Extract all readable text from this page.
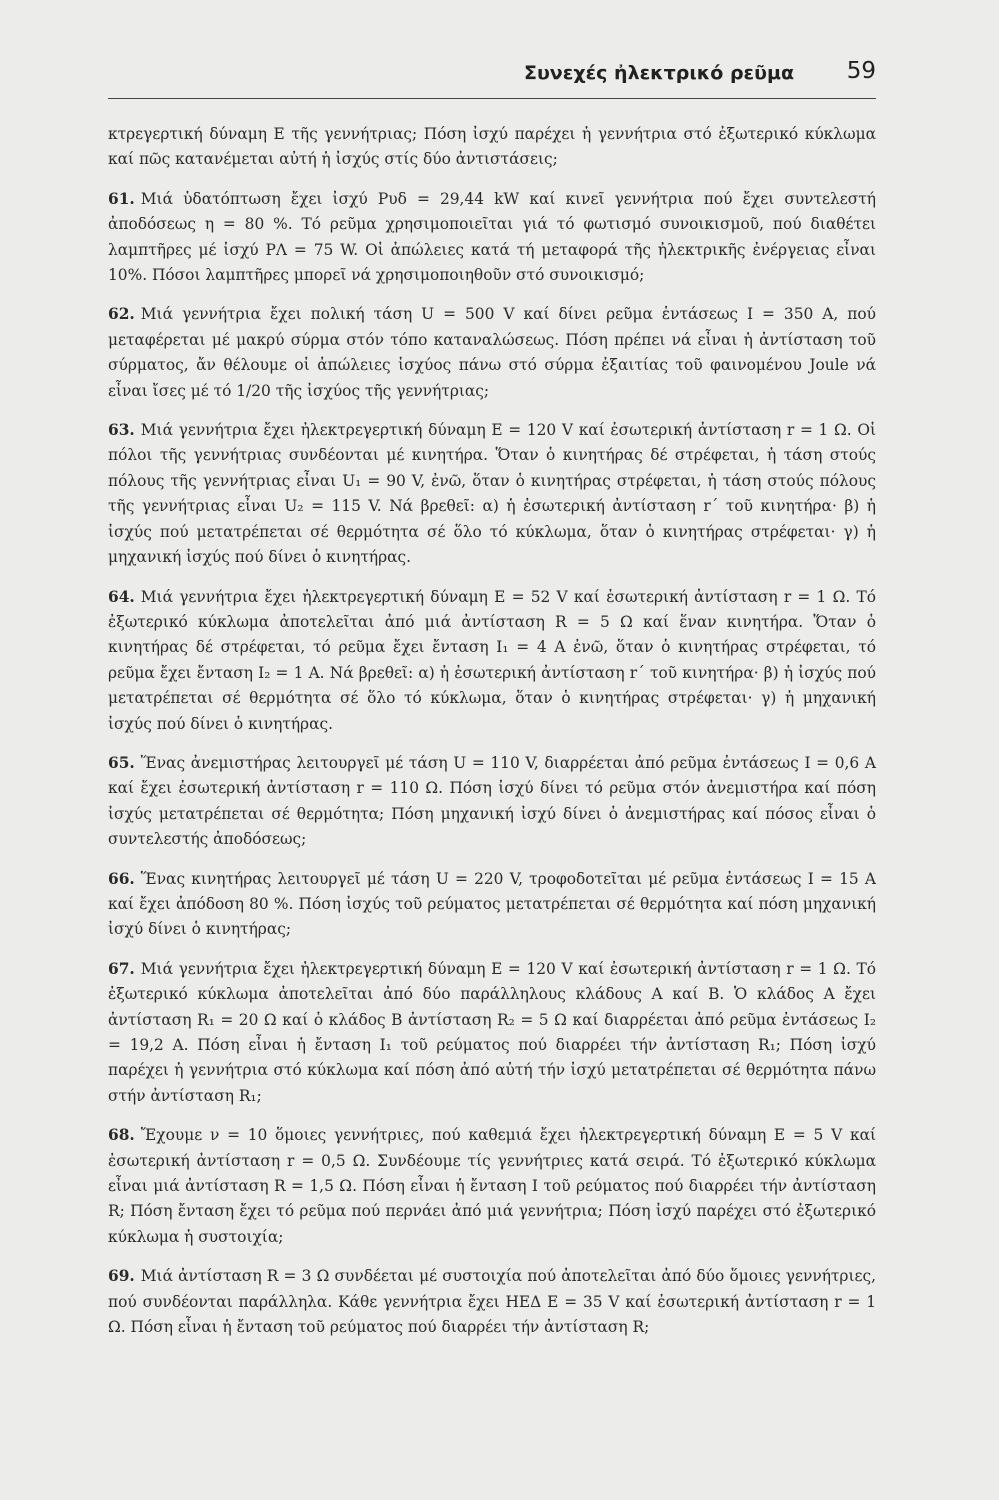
Συνεχές ἠλεκτρικό ρεῦμα 59

κτρεγερτική δύναμη E τῆς γεννήτριας; Πόση ἰσχύ παρέχει ἡ γεννήτρια στό ἐξωτερικό κύκλωμα καί πῶς κατανέμεται αὐτή ἡ ἰσχύς στίς δύο ἀντιστάσεις;

61. Μιά ὑδατόπτωση ἔχει ἰσχύ Pυδ = 29,44 kW καί κινεῖ γεννήτρια πού ἔχει συντελεστή ἀποδόσεως η = 80 %. Τό ρεῦμα χρησιμοποιεῖται γιά τό φωτισμό συνοικισμοῦ, πού διαθέτει λαμπτῆρες μέ ἰσχύ PΛ = 75 W. Οἱ ἀπώλειες κατά τή μεταφορά τῆς ἠλεκτρικῆς ἐνέργειας εἶναι 10%. Πόσοι λαμπτῆρες μπορεῖ νά χρησιμοποιηθοῦν στό συνοικισμό;

62. Μιά γεννήτρια ἔχει πολική τάση U = 500 V καί δίνει ρεῦμα ἐντάσεως I = 350 A, πού μεταφέρεται μέ μακρύ σύρμα στόν τόπο καταναλώσεως. Πόση πρέπει νά εἶναι ἡ ἀντίσταση τοῦ σύρματος, ἄν θέλουμε οἱ ἀπώλειες ἰσχύος πάνω στό σύρμα ἐξαιτίας τοῦ φαινομένου Joule νά εἶναι ἴσες μέ τό 1/20 τῆς ἰσχύος τῆς γεννήτριας;

63. Μιά γεννήτρια ἔχει ἠλεκτρεγερτική δύναμη E = 120 V καί ἐσωτερική ἀντίσταση r = 1 Ω. Οἱ πόλοι τῆς γεννήτριας συνδέονται μέ κινητήρα. Ὅταν ὁ κινητήρας δέ στρέφεται, ἡ τάση στούς πόλους τῆς γεννήτριας εἶναι U₁ = 90 V, ἐνῶ, ὅταν ὁ κινητήρας στρέφεται, ἡ τάση στούς πόλους τῆς γεννήτριας εἶναι U₂ = 115 V. Νά βρεθεῖ: α) ἡ ἐσωτερική ἀντίσταση r΄ τοῦ κινητήρα· β) ἡ ἰσχύς πού μετατρέπεται σέ θερμότητα σέ ὅλο τό κύκλωμα, ὅταν ὁ κινητήρας στρέφεται· γ) ἡ μηχανική ἰσχύς πού δίνει ὁ κινητήρας.

64. Μιά γεννήτρια ἔχει ἠλεκτρεγερτική δύναμη E = 52 V καί ἐσωτερική ἀντίσταση r = 1 Ω. Τό ἐξωτερικό κύκλωμα ἀποτελεῖται ἀπό μιά ἀντίσταση R = 5 Ω καί ἕναν κινητήρα. Ὅταν ὁ κινητήρας δέ στρέφεται, τό ρεῦμα ἔχει ἔνταση I₁ = 4 A ἐνῶ, ὅταν ὁ κινητήρας στρέφεται, τό ρεῦμα ἔχει ἔνταση I₂ = 1 A. Νά βρεθεῖ: α) ἡ ἐσωτερική ἀντίσταση r΄ τοῦ κινητήρα· β) ἡ ἰσχύς πού μετατρέπεται σέ θερμότητα σέ ὅλο τό κύκλωμα, ὅταν ὁ κινητήρας στρέφεται· γ) ἡ μηχανική ἰσχύς πού δίνει ὁ κινητήρας.

65. Ἕνας ἀνεμιστήρας λειτουργεῖ μέ τάση U = 110 V, διαρρέεται ἀπό ρεῦμα ἐντάσεως I = 0,6 A καί ἔχει ἐσωτερική ἀντίσταση r = 110 Ω. Πόση ἰσχύ δίνει τό ρεῦμα στόν ἀνεμιστήρα καί πόση ἰσχύς μετατρέπεται σέ θερμότητα; Πόση μηχανική ἰσχύ δίνει ὁ ἀνεμιστήρας καί πόσος εἶναι ὁ συντελεστής ἀποδόσεως;

66. Ἕνας κινητήρας λειτουργεῖ μέ τάση U = 220 V, τροφοδοτεῖται μέ ρεῦμα ἐντάσεως I = 15 A καί ἔχει ἀπόδοση 80 %. Πόση ἰσχύς τοῦ ρεύματος μετατρέπεται σέ θερμότητα καί πόση μηχανική ἰσχύ δίνει ὁ κινητήρας;

67. Μιά γεννήτρια ἔχει ἠλεκτρεγερτική δύναμη E = 120 V καί ἐσωτερική ἀντίσταση r = 1 Ω. Τό ἐξωτερικό κύκλωμα ἀποτελεῖται ἀπό δύο παράλληλους κλάδους A καί B. Ὁ κλάδος A ἔχει ἀντίσταση R₁ = 20 Ω καί ὁ κλάδος B ἀντίσταση R₂ = 5 Ω καί διαρρέεται ἀπό ρεῦμα ἐντάσεως I₂ = 19,2 A. Πόση εἶναι ἡ ἔνταση I₁ τοῦ ρεύματος πού διαρρέει τήν ἀντίσταση R₁; Πόση ἰσχύ παρέχει ἡ γεννήτρια στό κύκλωμα καί πόση ἀπό αὐτή τήν ἰσχύ μετατρέπεται σέ θερμότητα πάνω στήν ἀντίσταση R₁;

68. Ἔχουμε ν = 10 ὅμοιες γεννήτριες, πού καθεμιά ἔχει ἠλεκτρεγερτική δύναμη E = 5 V καί ἐσωτερική ἀντίσταση r = 0,5 Ω. Συνδέουμε τίς γεννήτριες κατά σειρά. Τό ἐξωτερικό κύκλωμα εἶναι μιά ἀντίσταση R = 1,5 Ω. Πόση εἶναι ἡ ἔνταση I τοῦ ρεύματος πού διαρρέει τήν ἀντίσταση R; Πόση ἔνταση ἔχει τό ρεῦμα πού περνάει ἀπό μιά γεννήτρια; Πόση ἰσχύ παρέχει στό ἐξωτερικό κύκλωμα ἡ συστοιχία;

69. Μιά ἀντίσταση R = 3 Ω συνδέεται μέ συστοιχία πού ἀποτελεῖται ἀπό δύο ὅμοιες γεννήτριες, πού συνδέονται παράλληλα. Κάθε γεννήτρια ἔχει ΗΕΔ E = 35 V καί ἐσωτερική ἀντίσταση r = 1 Ω. Πόση εἶναι ἡ ἔνταση τοῦ ρεύματος πού διαρρέει τήν ἀντίσταση R;
